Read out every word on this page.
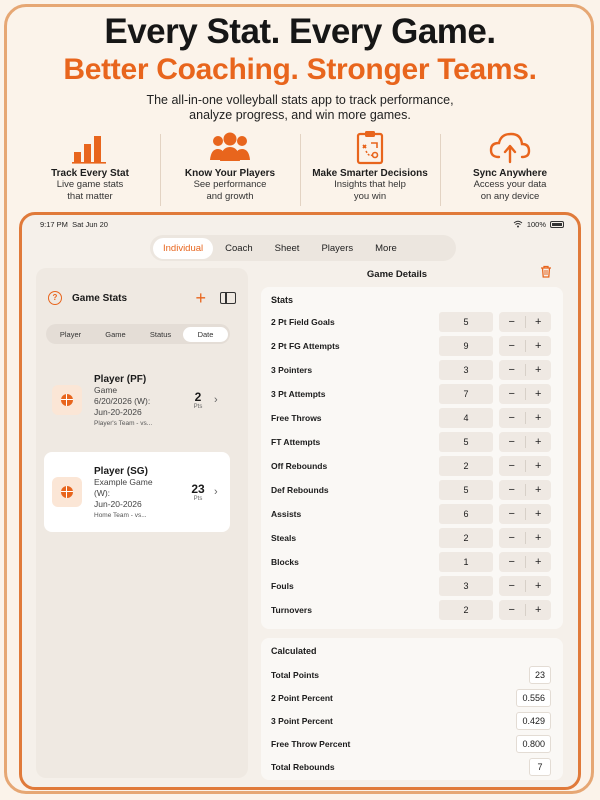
Every Stat. Every Game.
Better Coaching. Stronger Teams.
The all-in-one volleyball stats app to track performance,
analyze progress, and win more games.
Track Every Stat
Live game stats
that matter
Know Your Players
See performance
and growth
Make Smarter Decisions
Insights that help
you win
Sync Anywhere
Access your data
on any device
9:17 PM Sat Jun 20	100%
Individual	Coach	Sheet	Players	More
?	Game Stats	+
Player	Game	Status	Date
Player (PF)
Game
6/20/2026 (W):
Jun-20-2026
Player's Team - vs...
2
Pts
›
Player (SG)
Example Game
(W):
Jun-20-2026
Home Team - vs...
23
Pts
›
Game Details
Stats
2 Pt Field Goals	5	−	+
2 Pt FG Attempts	9	−	+
3 Pointers	3	−	+
3 Pt Attempts	7	−	+
Free Throws	4	−	+
FT Attempts	5	−	+
Off Rebounds	2	−	+
Def Rebounds	5	−	+
Assists	6	−	+
Steals	2	−	+
Blocks	1	−	+
Fouls	3	−	+
Turnovers	2	−	+
Calculated
Total Points	23
2 Point Percent	0.556
3 Point Percent	0.429
Free Throw Percent	0.800
Total Rebounds	7
